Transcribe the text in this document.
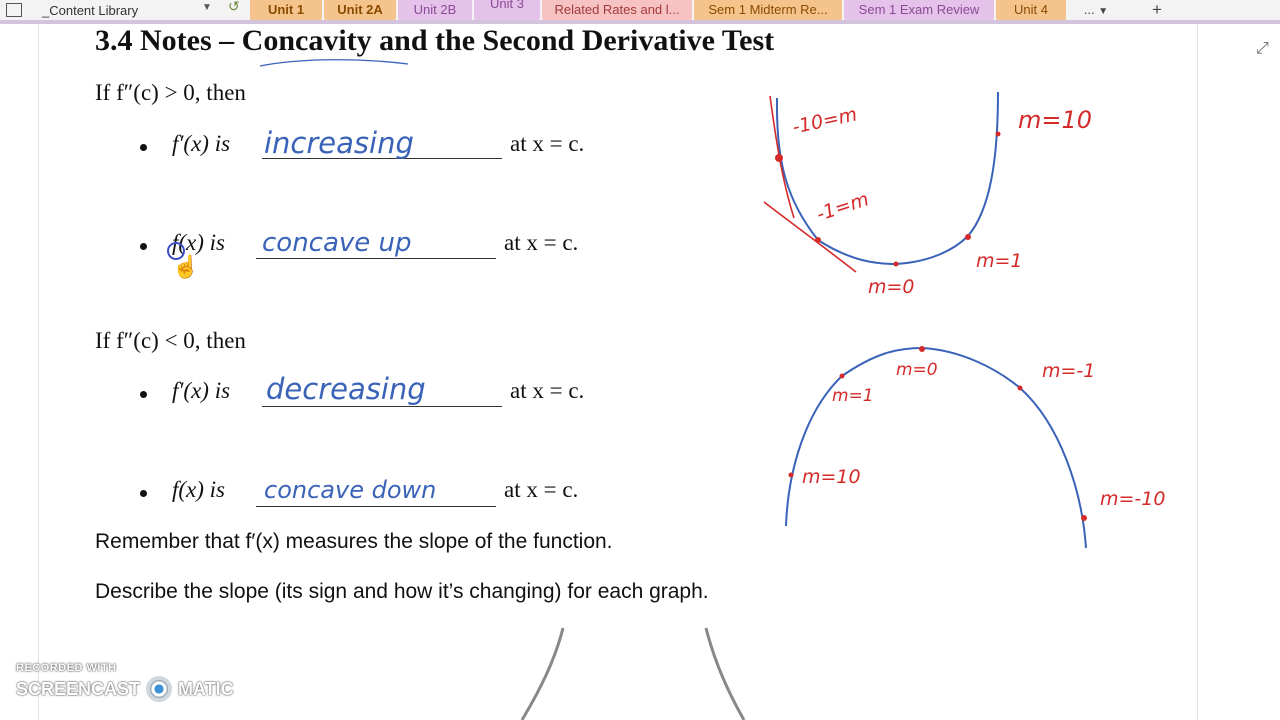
_Content Library	▼ ↺	Unit 1	Unit 2A	Unit 2B	Unit 3	Related Rates and l...	Sem 1 Midterm Re...	Sem 1 Exam Review	Unit 4	... ▼	+
⤢
3.4 Notes – Concavity and the Second Derivative Test
If f″(c) > 0, then
f′(x) is increasing	at x = c.
f(x) is concave up	at x = c.
If f″(c) < 0, then
f′(x) is decreasing	at x = c.
f(x) is concave down	at x = c.
Remember that f′(x) measures the slope of the function.
Describe the slope (its sign and how it’s changing) for each graph.
-10=m
-1=m
m=0
m=1
m=10
m=10
m=1
m=0	m=-1
m=-10
☝
RECORDED WITH
SCREENCAST MATIC
